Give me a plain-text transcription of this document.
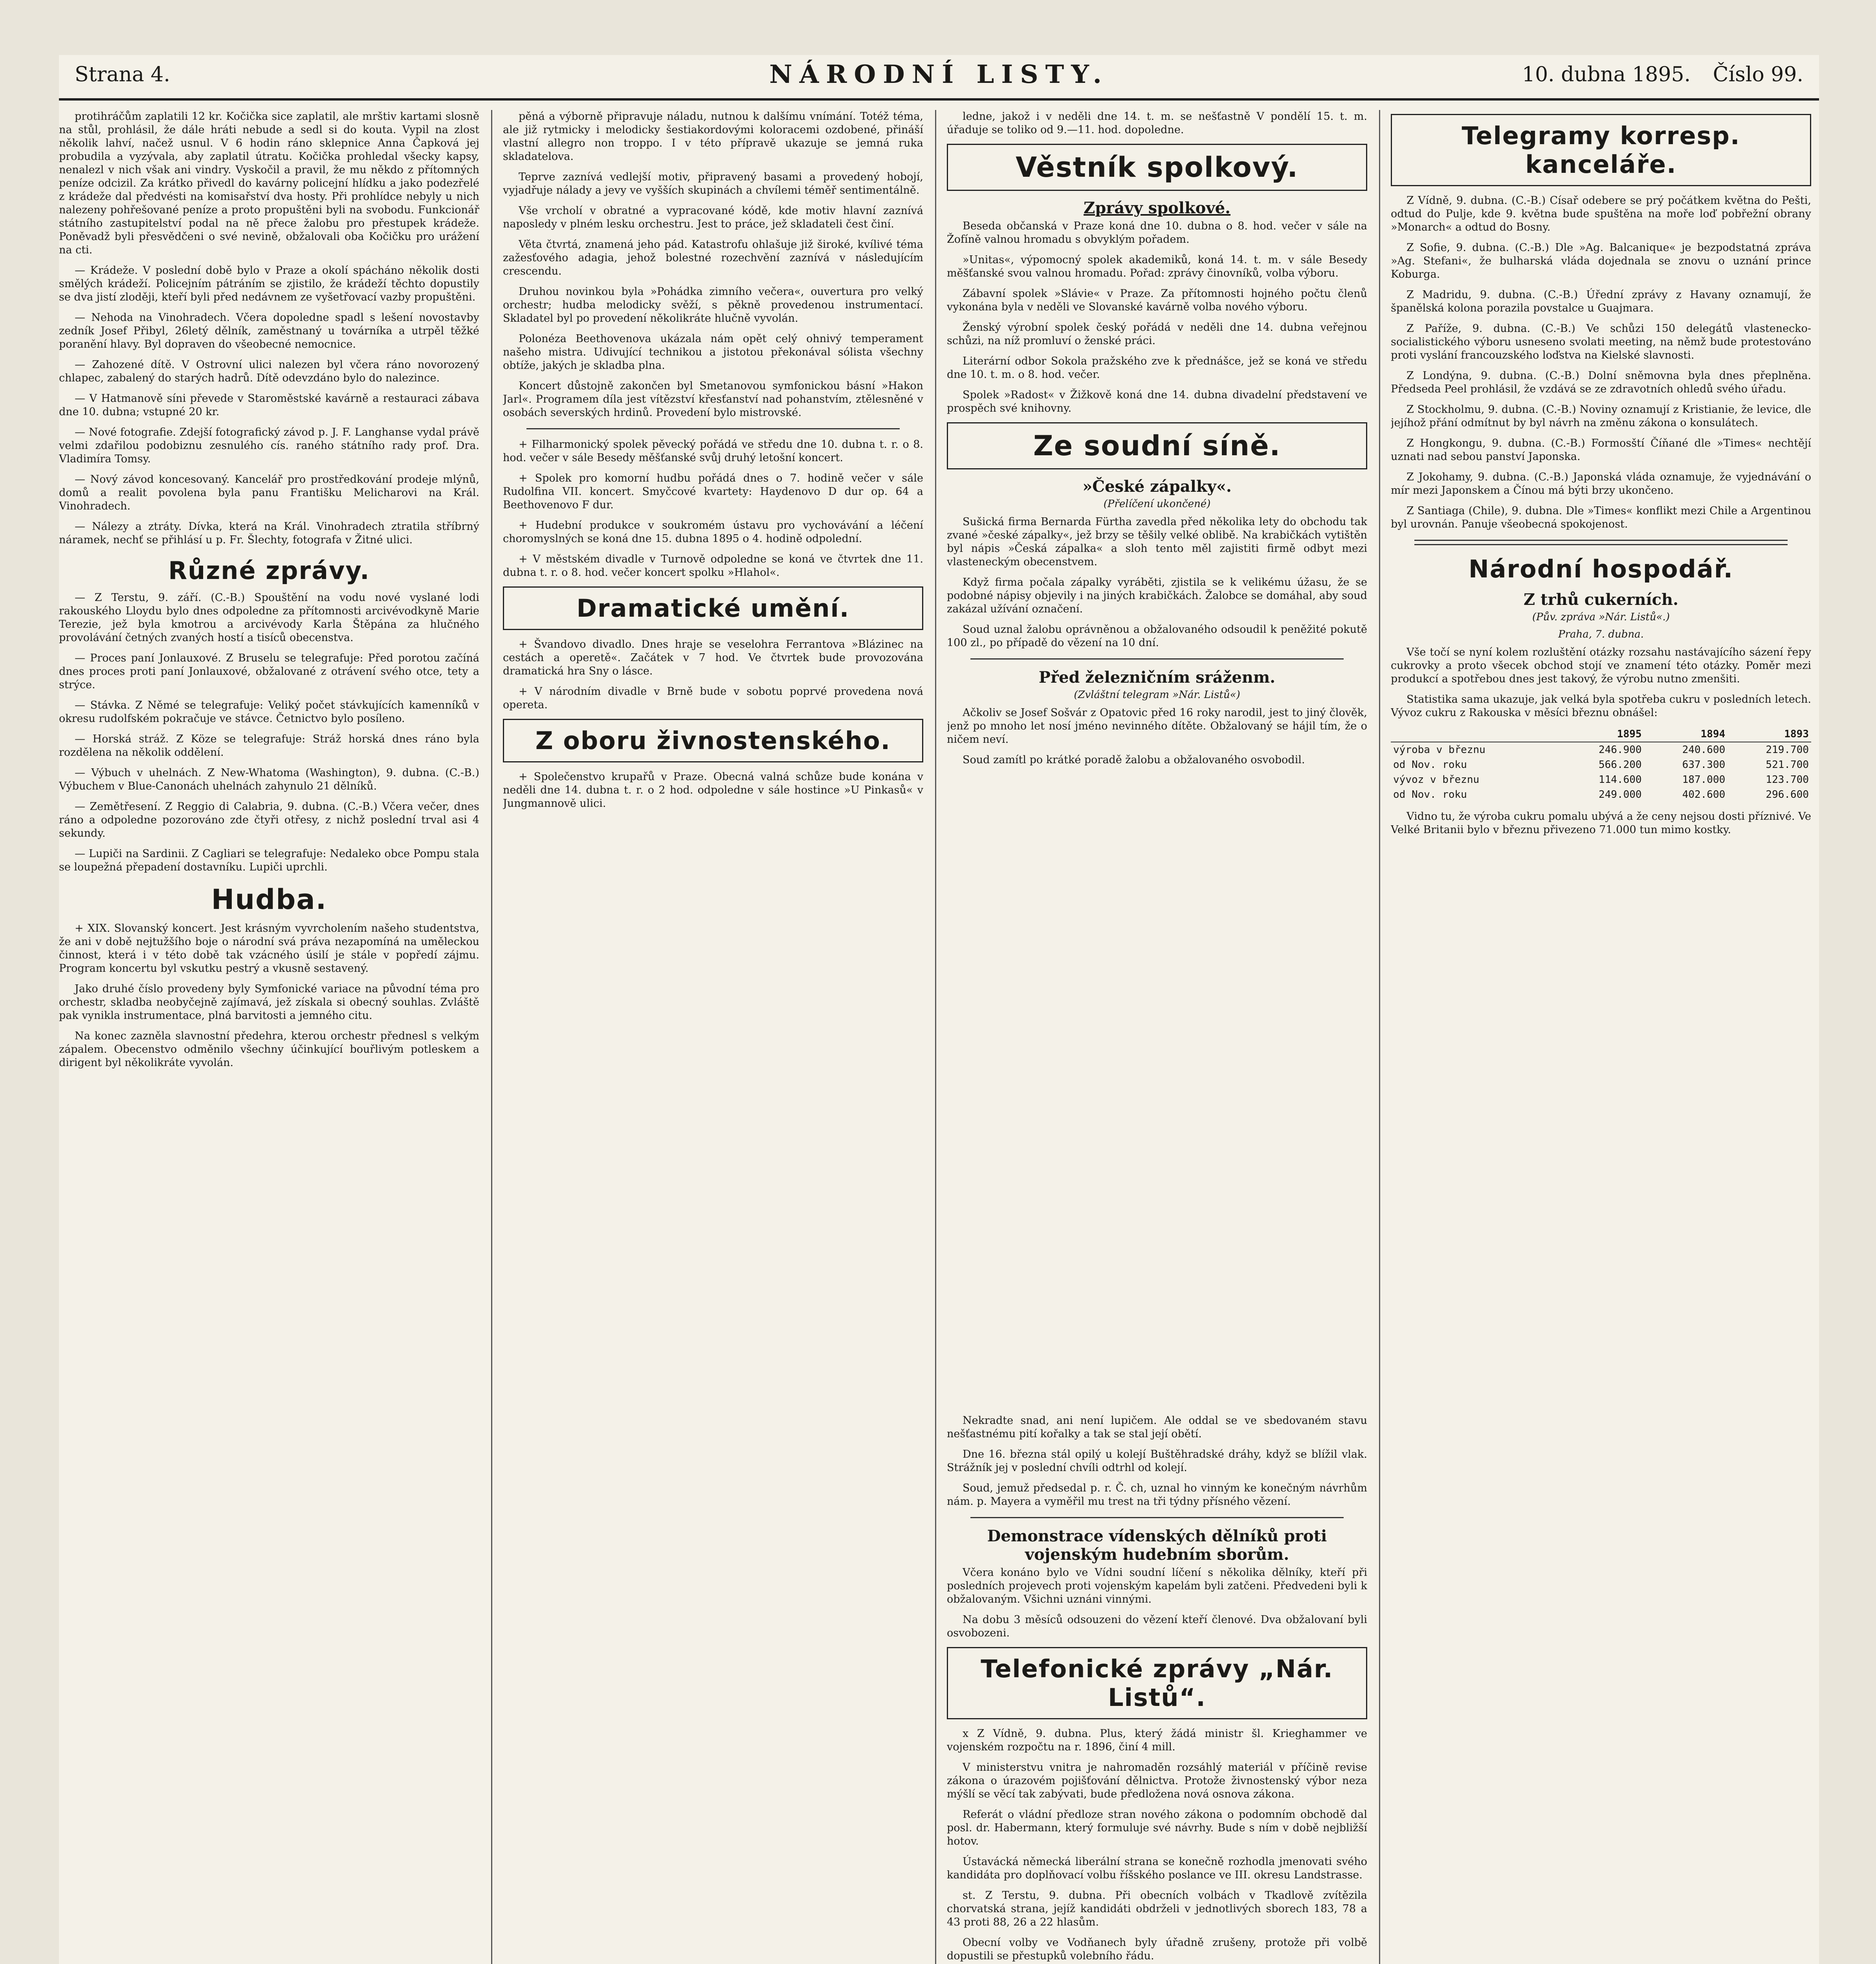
Strana 4.	NÁRODNÍ LISTY.	10. dubna 1895. Číslo 99.

protihráčům zaplatili 12 kr. Kočička sice zaplatil, ale mrštiv kartami slosně na stůl, prohlásil, že dále hráti nebude a sedl si do kouta. Vypil na zlost několik lahví, načež usnul. V 6 hodin ráno sklepnice Anna Čapková jej probudila a vyzývala, aby zaplatil útratu. Kočička prohledal všecky kapsy, nenalezl v nich však ani vindry. Vyskočil a pravil, že mu někdo z přítomných peníze odcizil. Za krátko přivedl do kavárny policejní hlídku a jako podezřelé z krádeže dal předvésti na komisařství dva hosty. Při prohlídce nebyly u nich nalezeny pohřešované peníze a proto propuštěni byli na svobodu. Funkcionář státního zastupitelství podal na ně přece žalobu pro přestupek krádeže. Poněvadž byli přesvědčeni o své nevině, obžalovali oba Kočičku pro urážení na cti.

— Krádeže. V poslední době bylo v Praze a okolí spácháno několik dosti smělých krádeží. Policejním pátráním se zjistilo, že krádeží těchto dopustily se dva jistí zloději, kteří byli před nedávnem ze vyšetřovací vazby propuštěni.

— Nehoda na Vinohradech. Včera dopoledne spadl s lešení novostavby zedník Josef Přibyl, 26letý dělník, zaměstnaný u továrníka a utrpěl těžké poranění hlavy. Byl dopraven do všeobecné nemocnice.

— Zahozené dítě. V Ostrovní ulici nalezen byl včera ráno novorozený chlapec, zabalený do starých hadrů. Dítě odevzdáno bylo do nalezince.

— V Hatmanově síni převede v Staroměstské kavárně a restauraci zábava dne 10. dubna; vstupné 20 kr.

— Nové fotografie. Zdejší fotografický závod p. J. F. Langhanse vydal právě velmi zdařilou podobiznu zesnulého cís. raného státního rady prof. Dra. Vladimíra Tomsy.

— Nový závod koncesovaný. Kancelář pro prostředkování prodeje mlýnů, domů a realit povolena byla panu Františku Melicharovi na Král. Vinohradech.

— Nálezy a ztráty. Dívka, která na Král. Vinohradech ztratila stříbrný náramek, nechť se přihlásí u p. Fr. Šlechty, fotografa v Žitné ulici.

Různé zprávy.

— Z Terstu, 9. září. (C.-B.) Spouštění na vodu nové vyslané lodi rakouského Lloydu bylo dnes odpoledne za přítomnosti arcivévodkyně Marie Terezie, jež byla kmotrou a arcivévody Karla Štěpána za hlučného provolávání četných zvaných hostí a tisíců obecenstva.

— Proces paní Jonlauxové. Z Bruselu se telegrafuje: Před porotou začíná dnes proces proti paní Jonlauxové, obžalované z otrávení svého otce, tety a strýce.

— Stávka. Z Němé se telegrafuje: Veliký počet stávkujících kamenníků v okresu rudolfském pokračuje ve stávce. Četnictvo bylo posíleno.

— Horská stráž. Z Köze se telegrafuje: Stráž horská dnes ráno byla rozdělena na několik oddělení.

— Výbuch v uhelnách. Z New-Whatoma (Washington), 9. dubna. (C.-B.) Výbuchem v Blue-Canonách uhelnách zahynulo 21 dělníků.

— Zemětřesení. Z Reggio di Calabria, 9. dubna. (C.-B.) Včera večer, dnes ráno a odpoledne pozorováno zde čtyři otřesy, z nichž poslední trval asi 4 sekundy.

— Lupiči na Sardinii. Z Cagliari se telegrafuje: Nedaleko obce Pompu stala se loupežná přepadení dostavníku. Lupiči uprchli.

Hudba.

+ XIX. Slovanský koncert. Jest krásným vyvrcholením našeho studentstva, že ani v době nejtužšího boje o národní svá práva nezapomíná na uměleckou činnost, která i v této době tak vzácného úsilí je stále v popředí zájmu. Program koncertu byl vskutku pestrý a vkusně sestavený.

Jako druhé číslo provedeny byly Symfonické variace na původní téma pro orchestr, skladba neobyčejně zajímavá, jež získala si obecný souhlas. Zvláště pak vynikla instrumentace, plná barvitosti a jemného citu.

Na konec zazněla slavnostní předehra, kterou orchestr přednesl s velkým zápalem. Obecenstvo odměnilo všechny účinkující bouřlivým potleskem a dirigent byl několikráte vyvolán.

pěná a výborně připravuje náladu, nutnou k dalšímu vnímání. Totéž téma, ale již rytmicky i melodicky šestiakordovými koloracemi ozdobené, přináší vlastní allegro non troppo. I v této přípravě ukazuje se jemná ruka skladatelova.

Teprve zaznívá vedlejší motiv, připravený basami a provedený hobojí, vyjadřuje nálady a jevy ve vyšších skupinách a chvílemi téměř sentimentálně.

Vše vrcholí v obratné a vypracované kódě, kde motiv hlavní zaznívá naposledy v plném lesku orchestru. Jest to práce, jež skladateli čest činí.

Věta čtvrtá, znamená jeho pád. Katastrofu ohlašuje již široké, kvílivé téma zažesťového adagia, jehož bolestné rozechvění zaznívá v následujícím crescendu.

Druhou novinkou byla »Pohádka zimního večera«, ouvertura pro velký orchestr; hudba melodicky svěží, s pěkně provedenou instrumentací. Skladatel byl po provedení několikráte hlučně vyvolán.

Polonéza Beethovenova ukázala nám opět celý ohnivý temperament našeho mistra. Udivující technikou a jistotou překonával sólista všechny obtíže, jakých je skladba plna.

Koncert důstojně zakončen byl Smetanovou symfonickou básní »Hakon Jarl«. Programem díla jest vítězství křesťanství nad pohanstvím, ztělesněné v osobách severských hrdinů. Provedení bylo mistrovské.

+ Filharmonický spolek pěvecký pořádá ve středu dne 10. dubna t. r. o 8. hod. večer v sále Besedy měšťanské svůj druhý letošní koncert.

+ Spolek pro komorní hudbu pořádá dnes o 7. hodině večer v sále Rudolfina VII. koncert. Smyčcové kvartety: Haydenovo D dur op. 64 a Beethovenovo F dur.

+ Hudební produkce v soukromém ústavu pro vychovávání a léčení choromyslných se koná dne 15. dubna 1895 o 4. hodině odpolední.

+ V městském divadle v Turnově odpoledne se koná ve čtvrtek dne 11. dubna t. r. o 8. hod. večer koncert spolku »Hlahol«.

Dramatické umění.

+ Švandovo divadlo. Dnes hraje se veselohra Ferrantova »Blázinec na cestách a operetě«. Začátek v 7 hod. Ve čtvrtek bude provozována dramatická hra Sny o lásce.

+ V národním divadle v Brně bude v sobotu poprvé provedena nová opereta.

Z oboru živnostenského.

+ Společenstvo krupařů v Praze. Obecná valná schůze bude konána v neděli dne 14. dubna t. r. o 2 hod. odpoledne v sále hostince »U Pinkasů« v Jungmannově ulici.

ledne, jakož i v neděli dne 14. t. m. se nešťastně V pondělí 15. t. m. úřaduje se toliko od 9.—11. hod. dopoledne.

Věstník spolkový.
Zprávy spolkové.

Beseda občanská v Praze koná dne 10. dubna o 8. hod. večer v sále na Žofíně valnou hromadu s obvyklým pořadem.

»Unitas«, výpomocný spolek akademiků, koná 14. t. m. v sále Besedy měšťanské svou valnou hromadu. Pořad: zprávy činovníků, volba výboru.

Zábavní spolek »Slávie« v Praze. Za přítomnosti hojného počtu členů vykonána byla v neděli ve Slovanské kavárně volba nového výboru.

Ženský výrobní spolek český pořádá v neděli dne 14. dubna veřejnou schůzi, na níž promluví o ženské práci.

Literární odbor Sokola pražského zve k přednášce, jež se koná ve středu dne 10. t. m. o 8. hod. večer.

Spolek »Radost« v Žižkově koná dne 14. dubna divadelní představení ve prospěch své knihovny.

Ze soudní síně.
»České zápalky«.
(Přelíčení ukončené)

Sušická firma Bernarda Fürtha zavedla před několika lety do obchodu tak zvané »české zápalky«, jež brzy se těšily velké oblibě. Na krabičkách vytištěn byl nápis »Česká zápalka« a sloh tento měl zajistiti firmě odbyt mezi vlasteneckým obecenstvem.

Když firma počala zápalky vyráběti, zjistila se k velikému úžasu, že se podobné nápisy objevily i na jiných krabičkách. Žalobce se domáhal, aby soud zakázal užívání označení.

Soud uznal žalobu oprávněnou a obžalovaného odsoudil k peněžité pokutě 100 zl., po případě do vězení na 10 dní.

Před železničním sráženm.
(Zvláštní telegram »Nár. Listů«)

Ačkoliv se Josef Sošvár z Opatovic před 16 roky narodil, jest to jiný člověk, jenž po mnoho let nosí jméno nevinného dítěte. Obžalovaný se hájil tím, že o ničem neví.

Soud zamítl po krátké poradě žalobu a obžalovaného osvobodil.

Telegramy korresp. kanceláře.

Z Vídně, 9. dubna. (C.-B.) Císař odebere se prý počátkem května do Pešti, odtud do Pulje, kde 9. května bude spuštěna na moře loď pobřežní obrany »Monarch« a odtud do Bosny.

Z Sofie, 9. dubna. (C.-B.) Dle »Ag. Balcanique« je bezpodstatná zpráva »Ag. Stefani«, že bulharská vláda dojednala se znovu o uznání prince Koburga.

Z Madridu, 9. dubna. (C.-B.) Úřední zprávy z Havany oznamují, že španělská kolona porazila povstalce u Guajmara.

Z Paříže, 9. dubna. (C.-B.) Ve schůzi 150 delegátů vlastenecko-socialistického výboru usneseno svolati meeting, na němž bude protestováno proti vyslání francouzského loďstva na Kielské slavnosti.

Z Londýna, 9. dubna. (C.-B.) Dolní sněmovna byla dnes přeplněna. Předseda Peel prohlásil, že vzdává se ze zdravotních ohledů svého úřadu.

Z Stockholmu, 9. dubna. (C.-B.) Noviny oznamují z Kristianie, že levice, dle jejíhož přání odmítnut by byl návrh na změnu zákona o konsulátech.

Z Hongkongu, 9. dubna. (C.-B.) Formosští Číňané dle »Times« nechtějí uznati nad sebou panství Japonska.

Z Jokohamy, 9. dubna. (C.-B.) Japonská vláda oznamuje, že vyjednávání o mír mezi Japonskem a Čínou má býti brzy ukončeno.

Z Santiaga (Chile), 9. dubna. Dle »Times« konflikt mezi Chile a Argentinou byl urovnán. Panuje všeobecná spokojenost.

Národní hospodář.
Z trhů cukerních.
(Pův. zpráva »Nár. Listů«.)
Praha, 7. dubna.

Vše točí se nyní kolem rozluštění otázky rozsahu nastávajícího sázení řepy cukrovky a proto všecek obchod stojí ve znamení této otázky. Poměr mezi produkcí a spotřebou dnes jest takový, že výrobu nutno zmenšiti.

Statistika sama ukazuje, jak velká byla spotřeba cukru v posledních letech. Vývoz cukru z Rakouska v měsíci březnu obnášel:

	1895	1894	1893
výroba v březnu	246.900	240.600	219.700
od Nov. roku	566.200	637.300	521.700
vývoz v březnu	114.600	187.000	123.700
od Nov. roku	249.000	402.600	296.600

Vidno tu, že výroba cukru pomalu ubývá a že ceny nejsou dosti příznivé. Ve Velké Britanii bylo v březnu přivezeno 71.000 tun mimo kostky.

Nekradte snad, ani není lupičem. Ale oddal se ve sbedovaném stavu nešťastnému pití kořalky a tak se stal její obětí.

Dne 16. března stál opilý u kolejí Buštěhradské dráhy, když se blížil vlak. Strážník jej v poslední chvíli odtrhl od kolejí.

Soud, jemuž předsedal p. r. Č. ch, uznal ho vinným ke konečným návrhům nám. p. Mayera a vyměřil mu trest na tři týdny přísného vězení.

Demonstrace vídenských dělníků proti vojenským hudebním sborům.

Včera konáno bylo ve Vídni soudní líčení s několika dělníky, kteří při posledních projevech proti vojenským kapelám byli zatčeni. Předvedeni byli k obžalovaným. Všichni uznáni vinnými.

Na dobu 3 měsíců odsouzeni do vězení kteří členové. Dva obžalovaní byli osvobozeni.

Telefonické zprávy „Nár. Listů“.

x Z Vídně, 9. dubna. Plus, který žádá ministr šl. Krieghammer ve vojenském rozpočtu na r. 1896, činí 4 mill.

V ministerstvu vnitra je nahromaděn rozsáhlý materiál v příčině revise zákona o úrazovém pojišťování dělnictva. Protože živnostenský výbor neza mýšlí se věcí tak zabývati, bude předložena nová osnova zákona.

Referát o vládní předloze stran nového zákona o podomním obchodě dal posl. dr. Habermann, který formuluje své návrhy. Bude s ním v době nejbližší hotov.

Ústavácká německá liberální strana se konečně rozhodla jmenovati svého kandidáta pro doplňovací volbu říšského poslance ve III. okresu Landstrasse.

st. Z Terstu, 9. dubna. Při obecních volbách v Tkadlově zvítězila chorvatská strana, jejíž kandidáti obdrželi v jednotlivých sborech 183, 78 a 43 proti 88, 26 a 22 hlasům.

Obecní volby ve Vodňanech byly úřadně zrušeny, protože při volbě dopustili se přestupků volebního řádu.
